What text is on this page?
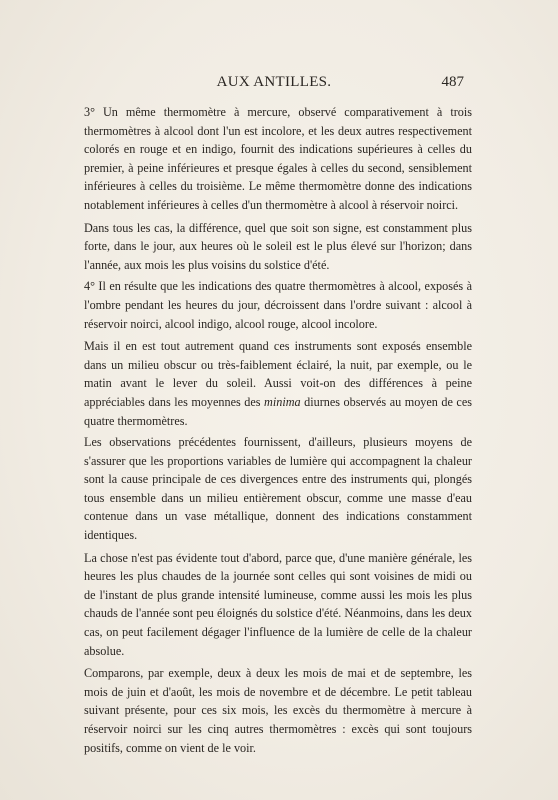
AUX ANTILLES.	487

3° Un même thermomètre à mercure, observé comparativement à trois thermomètres à alcool dont l'un est incolore, et les deux autres respectivement colorés en rouge et en indigo, fournit des indications supérieures à celles du premier, à peine inférieures et presque égales à celles du second, sensiblement inférieures à celles du troisième. Le même thermomètre donne des indications notablement inférieures à celles d'un thermomètre à alcool à réservoir noirci.

Dans tous les cas, la différence, quel que soit son signe, est constamment plus forte, dans le jour, aux heures où le soleil est le plus élevé sur l'horizon; dans l'année, aux mois les plus voisins du solstice d'été.

4° Il en résulte que les indications des quatre thermomètres à alcool, exposés à l'ombre pendant les heures du jour, décroissent dans l'ordre suivant : alcool à réservoir noirci, alcool indigo, alcool rouge, alcool incolore.

Mais il en est tout autrement quand ces instruments sont exposés ensemble dans un milieu obscur ou très-faiblement éclairé, la nuit, par exemple, ou le matin avant le lever du soleil. Aussi voit-on des différences à peine appréciables dans les moyennes des minima diurnes observés au moyen de ces quatre thermomètres.

Les observations précédentes fournissent, d'ailleurs, plusieurs moyens de s'assurer que les proportions variables de lumière qui accompagnent la chaleur sont la cause principale de ces divergences entre des instruments qui, plongés tous ensemble dans un milieu entièrement obscur, comme une masse d'eau contenue dans un vase métallique, donnent des indications constamment identiques.

La chose n'est pas évidente tout d'abord, parce que, d'une manière générale, les heures les plus chaudes de la journée sont celles qui sont voisines de midi ou de l'instant de plus grande intensité lumineuse, comme aussi les mois les plus chauds de l'année sont peu éloignés du solstice d'été. Néanmoins, dans les deux cas, on peut facilement dégager l'influence de la lumière de celle de la chaleur absolue.

Comparons, par exemple, deux à deux les mois de mai et de septembre, les mois de juin et d'août, les mois de novembre et de décembre. Le petit tableau suivant présente, pour ces six mois, les excès du thermomètre à mercure à réservoir noirci sur les cinq autres thermomètres : excès qui sont toujours positifs, comme on vient de le voir.
